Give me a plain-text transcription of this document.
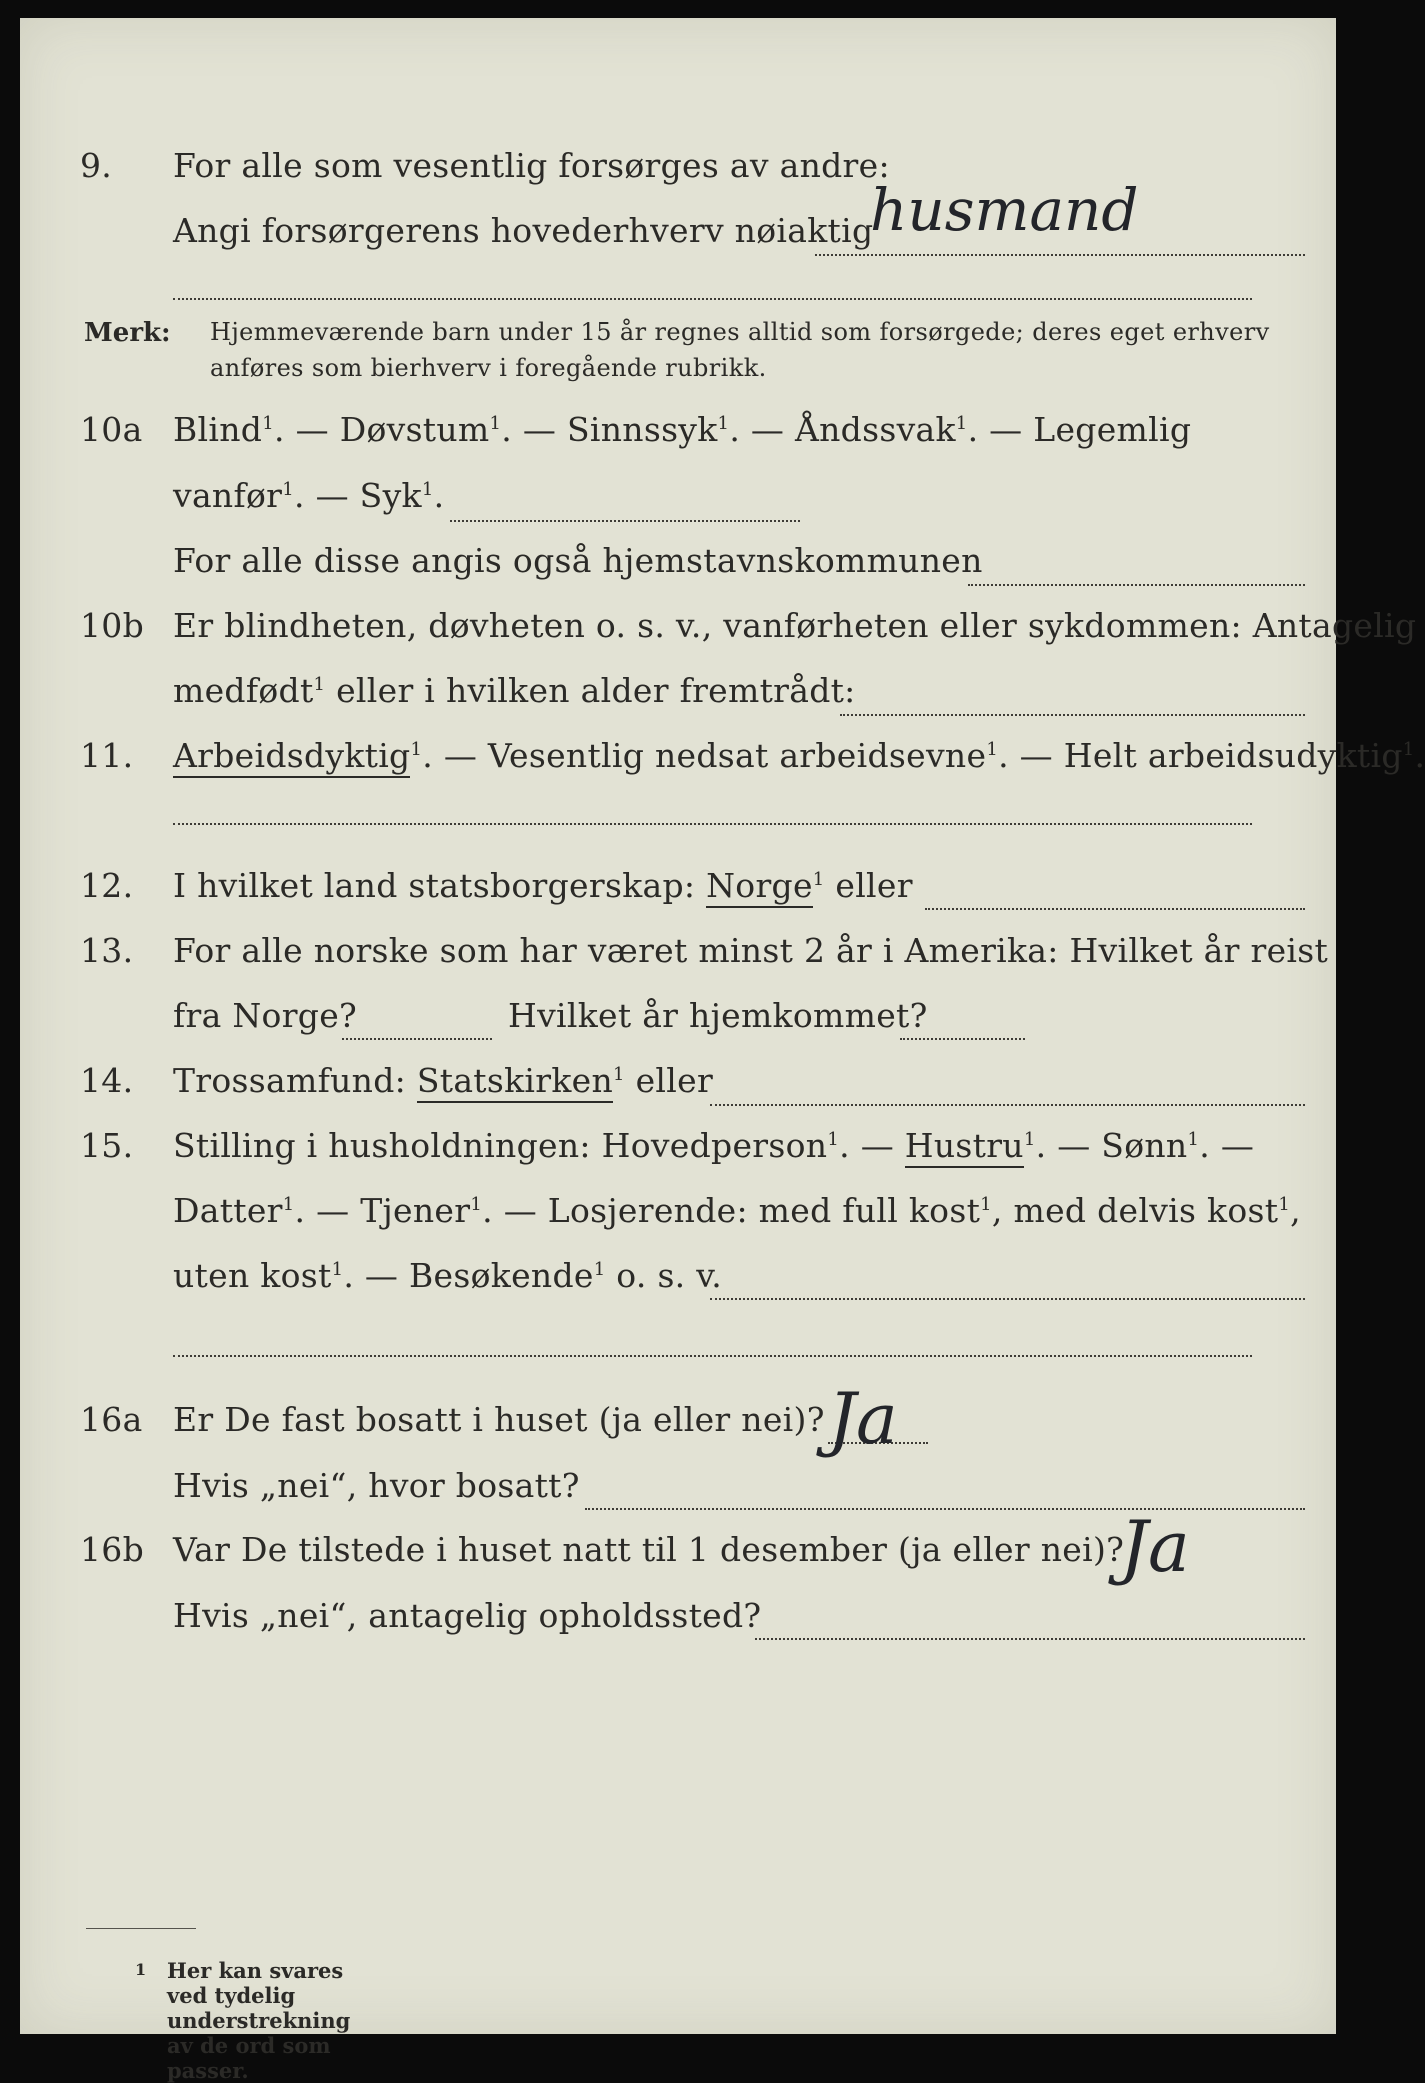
9. For alle som vesentlig forsørges av andre:
Angi forsørgerens hovederhverv nøiaktig
husmand
Merk: Hjemmeværende barn under 15 år regnes alltid som forsørgede; deres eget erhverv
anføres som bierhverv i foregående rubrikk.
10a Blind$^1$. — Døvstum$^1$. — Sinnssyk$^1$. — Åndssvak$^1$. — Legemlig
vanfør$^1$. — Syk$^1$.
For alle disse angis også hjemstavnskommunen
10b Er blindheten, døvheten o. s. v., vanførheten eller sykdommen: Antagelig
medfødt$^1$ eller i hvilken alder fremtrådt:
11. Arbeidsdyktig$^1$. — Vesentlig nedsat arbeidsevne$^1$. — Helt arbeidsudyktig$^1$.
12. I hvilket land statsborgerskap: Norge$^1$ eller
13. For alle norske som har været minst 2 år i Amerika: Hvilket år reist
fra Norge?	Hvilket år hjemkommet?
14. Trossamfund: Statskirken$^1$ eller
15. Stilling i husholdningen: Hovedperson$^1$. — Hustru$^1$. — Sønn$^1$. —
Datter$^1$. — Tjener$^1$. — Losjerende: med full kost$^1$, med delvis kost$^1$,
uten kost$^1$. — Besøkende$^1$ o. s. v.
16a Er De fast bosatt i huset (ja eller nei)? Ja
Hvis „nei“, hvor bosatt?
16b Var De tilstede i huset natt til 1 desember (ja eller nei)?
Ja
Hvis „nei“, antagelig opholdssted?
1 Her kan svares ved tydelig understrekning av de ord som passer.
